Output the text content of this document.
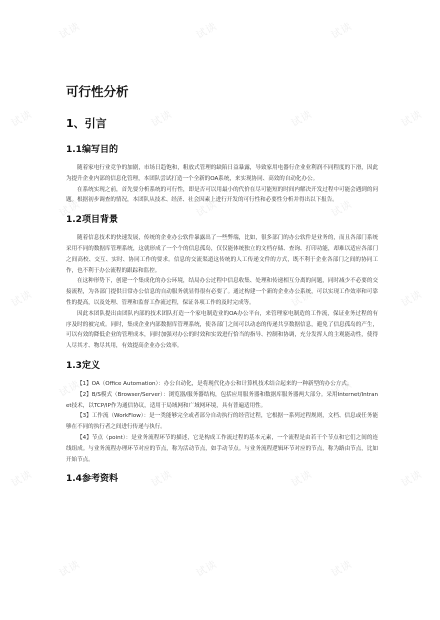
试读	试读	试读
试读	试读	试读	试读
试读	试读	试读
试读	试读	试读	试读
试读	试读	试读
试读	试读	试读	试读
试读	试读	试读
可行性分析
1、引言
1.1编写目的

随着家电行业竞争的加剧，市场日趋饱和，粗放式管理的缺陷日益暴露，导致家用电器行企业业利润不同程度的下滑，因此为提升企业内部的信息化管理，本团队尝试打造一个全新的OA系统，来实现协同、高效的自动化办公。

在系统实现之前，首先要分析系统的可行性，即是否可以用最小的代价在尽可能短的时间内解决开发过程中可能会遇到的问题。根据初步调查的情况，本团队从技术、经济、社会因素上进行开发的可行性和必要性分析并得出以下报告。

1.2项目背景

随着信息技术的快速发展，传统的企业办公软件暴露出了一些弊端，比如，很多部门的办公软件是业务的，而且各部门系统采用不同的数据库管理系统，这就形成了一个个的信息孤岛，仅仅能体统独立的文档存储、查询、打印功能，却难以适应各部门之间高校、交互、实时、协同工作的要求。信息的交流渠道这传统的人工传递文件的方式，既不利于企业各部门之间的协同工作，也不利于办公流程的跟踪和监控。

在这种形势下，创建一个集成化的办公环境，结局办公过程中信息收集、处理和传递相互分离的问题，同时减少不必要的交接流程，为各部门提供日常办公信息的自动服务就显得很有必要了。通过构建一个新的企业办公系统，可以实现工作效率和可靠性的提高，以及处理、管理和监督工作流过程，保证各项工作的及时完成等。

因此本团队提出由团队内部的技术团队打造一个家电制造业的OA办公平台，来管理家电制造的工作流，保证业务过程的有序及时的被完成。同时，集成企业内部数据库管理系统，使各部门之间可以动态的传递共享数据信息，避免了信息孤岛的产生，可以有效的降低企业的管理成本，同时加强对办公的时效和实效进行恰当的指导、控制和协调，充分发挥人的主观能动性，使得人尽其才、物尽其用，有效提高企业办公效率。

1.3定义

【1】OA（Office Automation）：办公自动化，是将现代化办公和计算机技术结合起来的一种新型的办公方式。

【2】B/S模式（Browser/Server）：浏览器/服务器结构，包括应用服务器和数据库服务器两大部分。采用Internet/Intranet技术，以TCP/IP作为通信协议，适用于局域网和广域网环境，具有普遍适用性。

【3】工作流（WorkFlow）：是一类能够完全或者部分自动执行的经营过程，它根据一系列过程规则，文档、信息或任务能够在不同的执行者之间进行传递与执行。

【4】节点（point）：是业务流程环节的描述，它是构成工作流过程的基本元素，一个流程是由若干个节点和它们之间的连线组成。与业务流程办理环节对应的节点，称为活动节点，如手动节点。与业务流程逻辑环节对应的节点，称为路由节点，比如开始节点。

1.4参考资料
